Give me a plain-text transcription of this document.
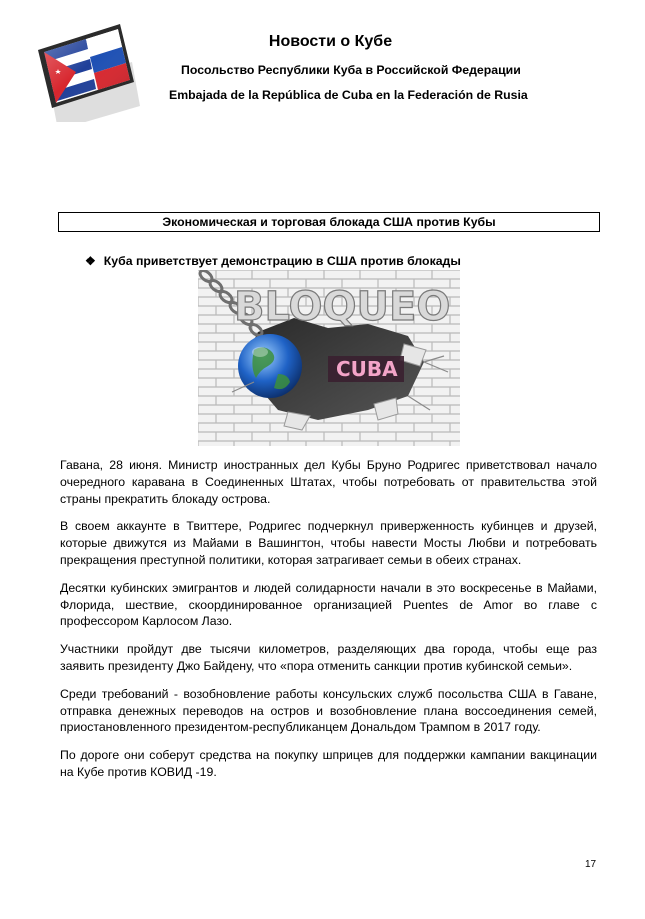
Новости о Кубе
Посольство Республики Куба в Российской Федерации
Embajada de la República de Cuba en la Federación de Rusia
Экономическая и торговая блокада США против Кубы
❖ Куба приветствует демонстрацию в США против блокады
BLOQUEO
CUBA

Гавана, 28 июня. Министр иностранных дел Кубы Бруно Родригес приветствовал начало очередного каравана в Соединенных Штатах, чтобы потребовать от правительства этой страны прекратить блокаду острова.

В своем аккаунте в Твиттере, Родригес подчеркнул приверженность кубинцев и друзей, которые движутся из Майами в Вашингтон, чтобы навести Мосты Любви и потребовать прекращения преступной политики, которая затрагивает семьи в обеих странах.

Десятки кубинских эмигрантов и людей солидарности начали в это воскресенье в Майами, Флорида, шествие, скоординированное организацией Puentes de Amor во главе с профессором Карлосом Лазо.

Участники пройдут две тысячи километров, разделяющих два города, чтобы еще раз заявить президенту Джо Байдену, что «пора отменить санкции против кубинской семьи».

Среди требований - возобновление работы консульских служб посольства США в Гаване, отправка денежных переводов на остров и возобновление плана воссоединения семей, приостановленного президентом-республиканцем Дональдом Трампом в 2017 году.

По дороге они соберут средства на покупку шприцев для поддержки кампании вакцинации на Кубе против КОВИД -19.

17
